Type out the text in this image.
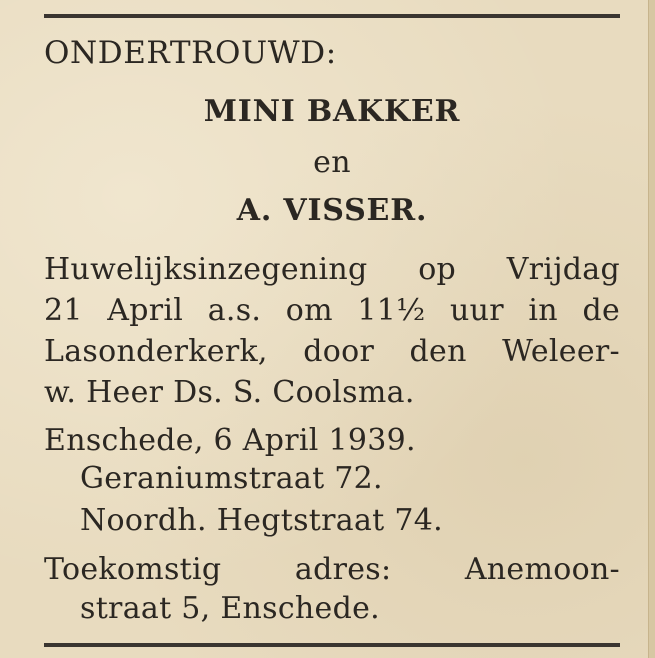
ONDERTROUWD:
MINI BAKKER
en
A. VISSER.
Huwelijksinzegening op Vrijdag
21 April a.s. om 11½ uur in de
Lasonderkerk, door den Weleer-
w. Heer Ds. S. Coolsma.
Enschede, 6 April 1939.
Geraniumstraat 72.
Noordh. Hegtstraat 74.
Toekomstig adres: Anemoon-
straat 5, Enschede.
